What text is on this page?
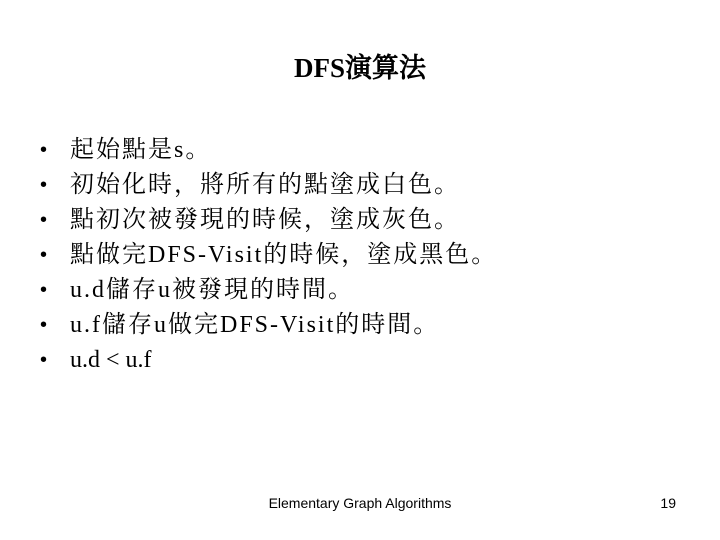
DFS演算法
• 起始點是s。
• 初始化時，將所有的點塗成白色。
• 點初次被發現的時候，塗成灰色。
• 點做完DFS-Visit的時候，塗成黑色。
• u.d儲存u被發現的時間。
• u.f儲存u做完DFS-Visit的時間。
• u.d < u.f
Elementary Graph Algorithms	19
